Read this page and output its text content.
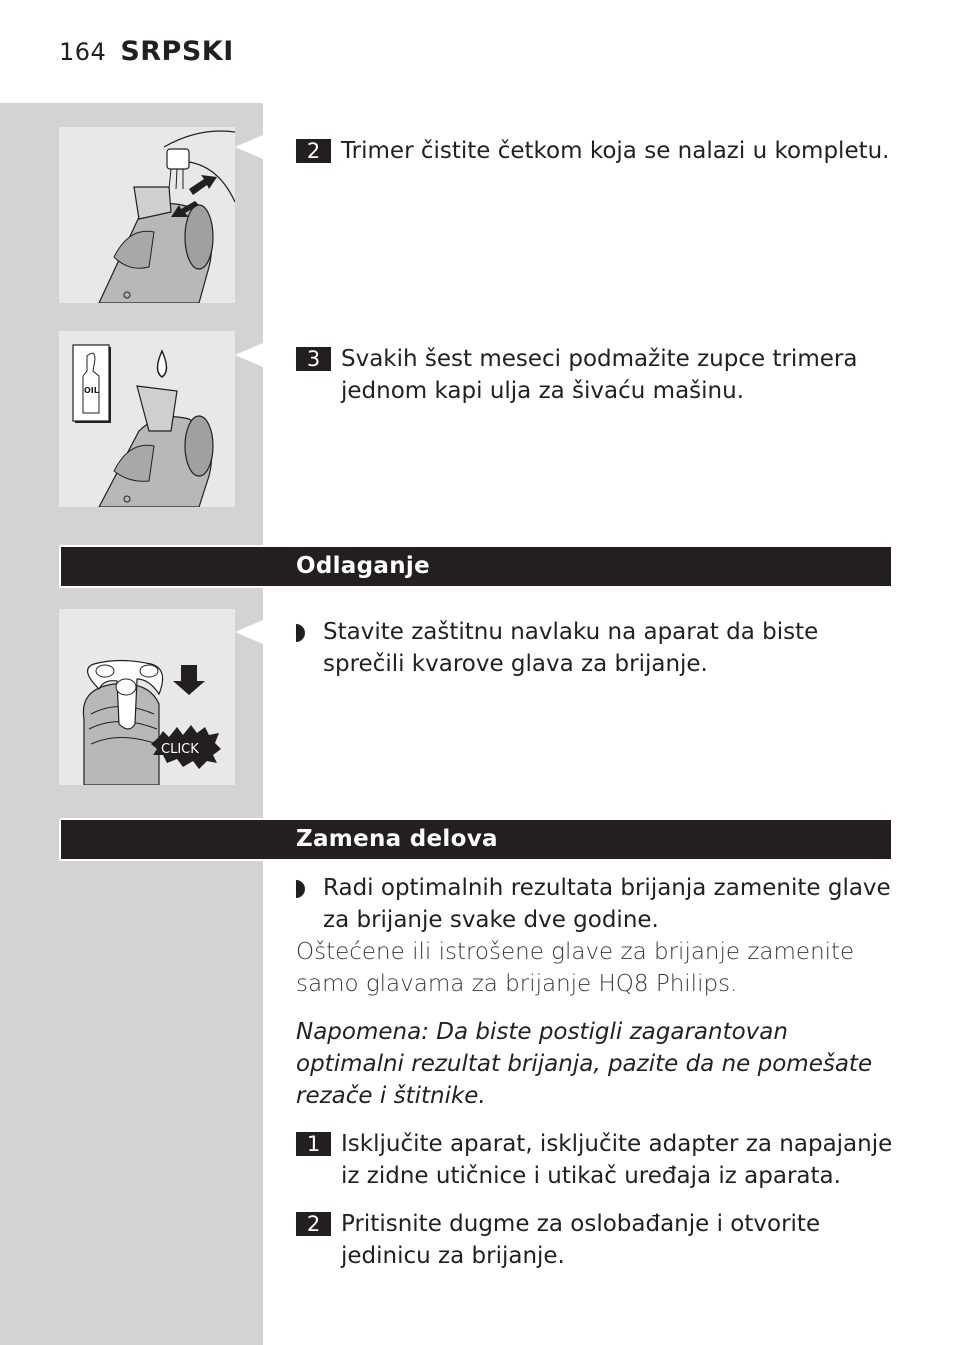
164 SRPSKI
2 Trimer čistite četkom koja se nalazi u kompletu.
OIL
3 Svakih šest meseci podmažite zupce trimera jednom kapi ulja za šivaću mašinu.
Odlaganje
CLICK
Stavite zaštitnu navlaku na aparat da biste sprečili kvarove glava za brijanje.
Zamena delova
Radi optimalnih rezultata brijanja zamenite glave za brijanje svake dve godine.
Oštećene ili istrošene glave za brijanje zamenite samo glavama za brijanje HQ8 Philips.
Napomena: Da biste postigli zagarantovan optimalni rezultat brijanja, pazite da ne pomešate rezače i štitnike.
1 Isključite aparat, isključite adapter za napajanje iz zidne utičnice i utikač uređaja iz aparata.
2 Pritisnite dugme za oslobađanje i otvorite jedinicu za brijanje.
